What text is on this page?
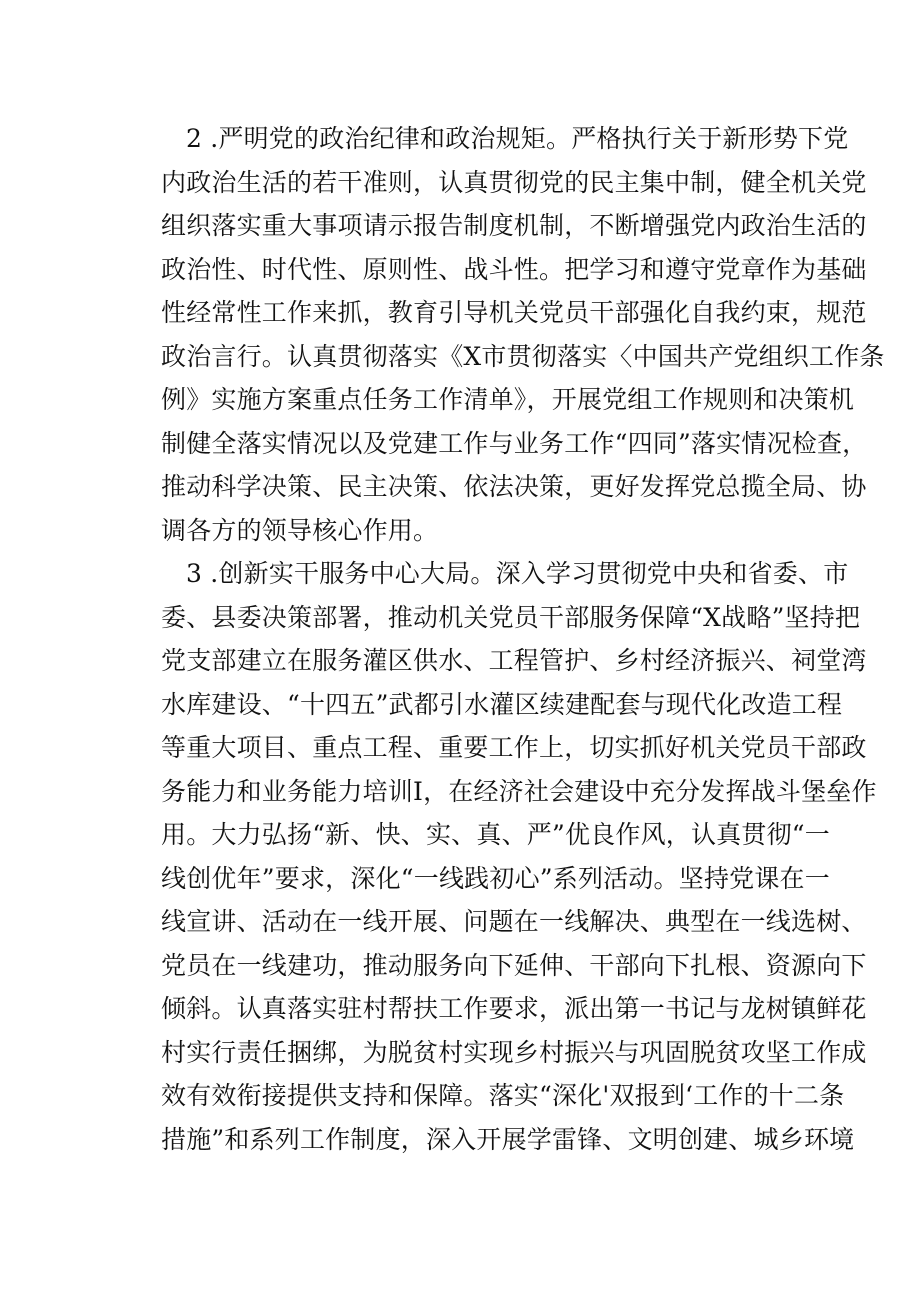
2 .严明党的政治纪律和政治规矩。严格执行关于新形势下党
内政治生活的若干准则，认真贯彻党的民主集中制，健全机关党
组织落实重大事项请示报告制度机制，不断增强党内政治生活的
政治性、时代性、原则性、战斗性。把学习和遵守党章作为基础
性经常性工作来抓，教育引导机关党员干部强化自我约束，规范
政治言行。认真贯彻落实《X市贯彻落实〈中国共产党组织工作条
例》实施方案重点任务工作清单》，开展党组工作规则和决策机
制健全落实情况以及党建工作与业务工作“四同”落实情况检查，
推动科学决策、民主决策、依法决策，更好发挥党总揽全局、协
调各方的领导核心作用。

3 .创新实干服务中心大局。深入学习贯彻党中央和省委、市
委、县委决策部署，推动机关党员干部服务保障“X战略”坚持把
党支部建立在服务灌区供水、工程管护、乡村经济振兴、祠堂湾
水库建设、“十四五”武都引水灌区续建配套与现代化改造工程
等重大项目、重点工程、重要工作上，切实抓好机关党员干部政
务能力和业务能力培训I，在经济社会建设中充分发挥战斗堡垒作
用。大力弘扬“新、快、实、真、严”优良作风，认真贯彻“一
线创优年”要求，深化“一线践初心”系列活动。坚持党课在一
线宣讲、活动在一线开展、问题在一线解决、典型在一线选树、
党员在一线建功，推动服务向下延伸、干部向下扎根、资源向下
倾斜。认真落实驻村帮扶工作要求，派出第一书记与龙树镇鲜花
村实行责任捆绑，为脱贫村实现乡村振兴与巩固脱贫攻坚工作成
效有效衔接提供支持和保障。落实“深化'双报到‘工作的十二条
措施”和系列工作制度，深入开展学雷锋、文明创建、城乡环境
